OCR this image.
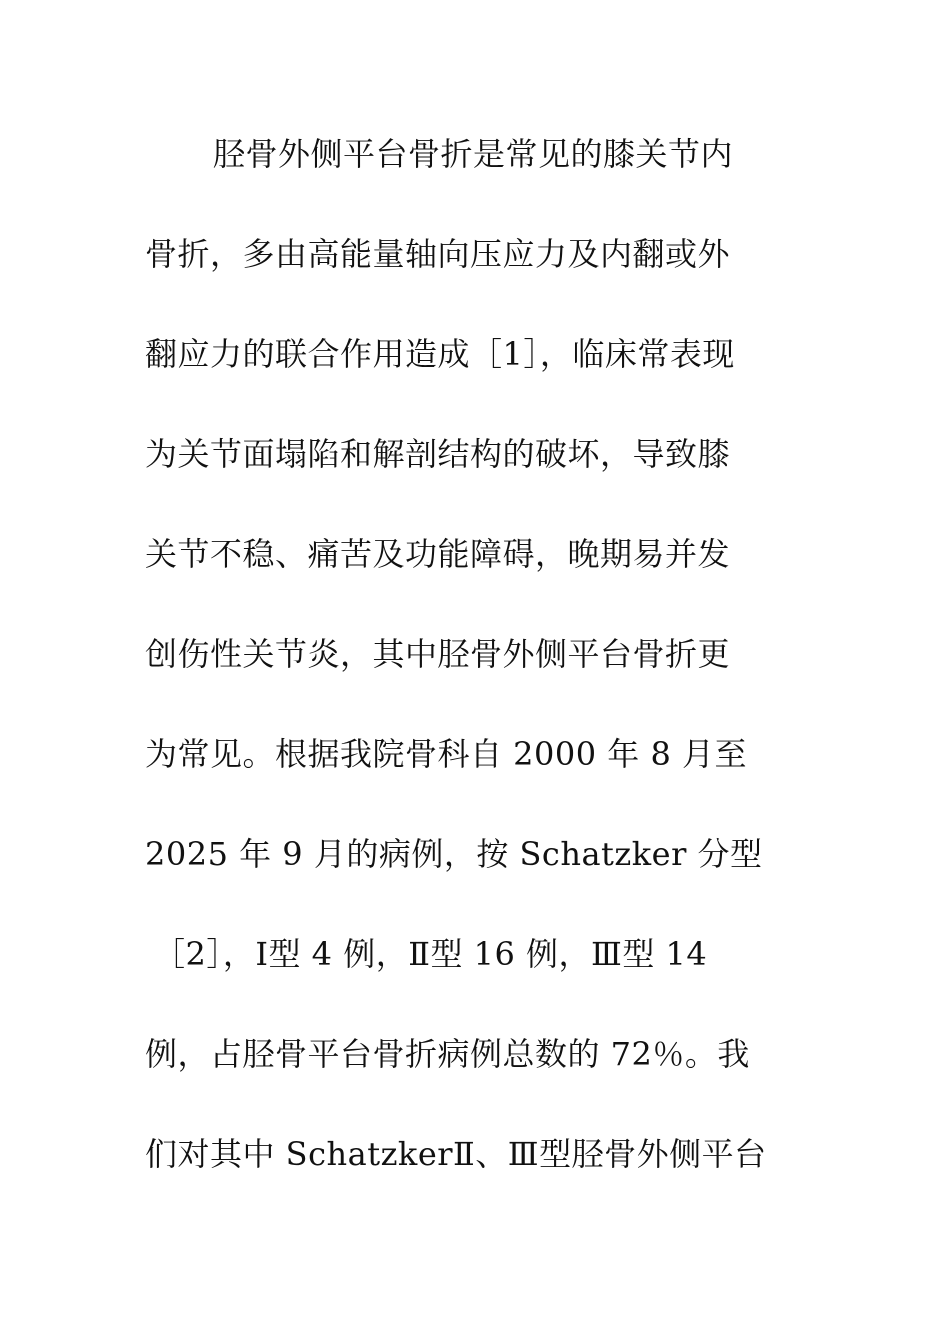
胫骨外侧平台骨折是常见的膝关节内
骨折，多由高能量轴向压应力及内翻或外
翻应力的联合作用造成［1］，临床常表现
为关节面塌陷和解剖结构的破坏，导致膝
关节不稳、痛苦及功能障碍，晚期易并发
创伤性关节炎，其中胫骨外侧平台骨折更
为常见。根据我院骨科自 2000 年 8 月至
2025 年 9 月的病例，按 Schatzker 分型
［2］，Ⅰ型 4 例，Ⅱ型 16 例，Ⅲ型 14
例，占胫骨平台骨折病例总数的 72％。我
们对其中 SchatzkerⅡ、Ⅲ型胫骨外侧平台
